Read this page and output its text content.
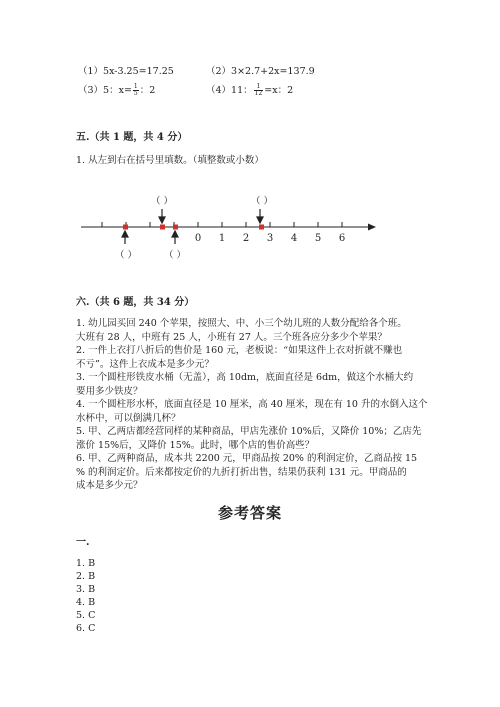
（1）5x-3.25=17.25	（2）3×2.7+2x=137.9
（3）5：$x= \frac{1}{5}$ ：2	（4）11： $\frac{1}{12} =x$：2
五.（共 1 题，共 4 分）
1. 从左到右在括号里填数。（填整数或小数）
0 1 2 3 4 5 6
（ ）	（ ）
（ ）	（ ）
六.（共 6 题，共 34 分）

1. 幼儿园买回 240 个苹果，按照大、中、小三个幼儿班的人数分配给各个班。

大班有 28 人，中班有 25 人，小班有 27 人。三个班各应分多少个苹果？

2. 一件上衣打八折后的售价是 160 元，老板说：“如果这件上衣对折就不赚也

不亏”。这件上衣成本是多少元？

3. 一个圆柱形铁皮水桶（无盖），高 10dm，底面直径是 6dm，做这个水桶大约

要用多少铁皮？

4. 一个圆柱形水杯，底面直径是 10 厘米，高 40 厘米，现在有 10 升的水倒入这个

水杯中，可以倒满几杯？

5. 甲、乙两店都经营同样的某种商品，甲店先涨价 10%后，又降价 10%；乙店先

涨价 15%后，又降价 15%。此时，哪个店的售价高些？

6. 甲、乙两种商品，成本共 2200 元，甲商品按 20% 的利润定价，乙商品按 15

% 的利润定价。后来都按定价的九折打折出售，结果仍获利 131 元。甲商品的

成本是多少元？

参考答案
一.
1. B
2. B
3. B
4. B
5. C
6. C
